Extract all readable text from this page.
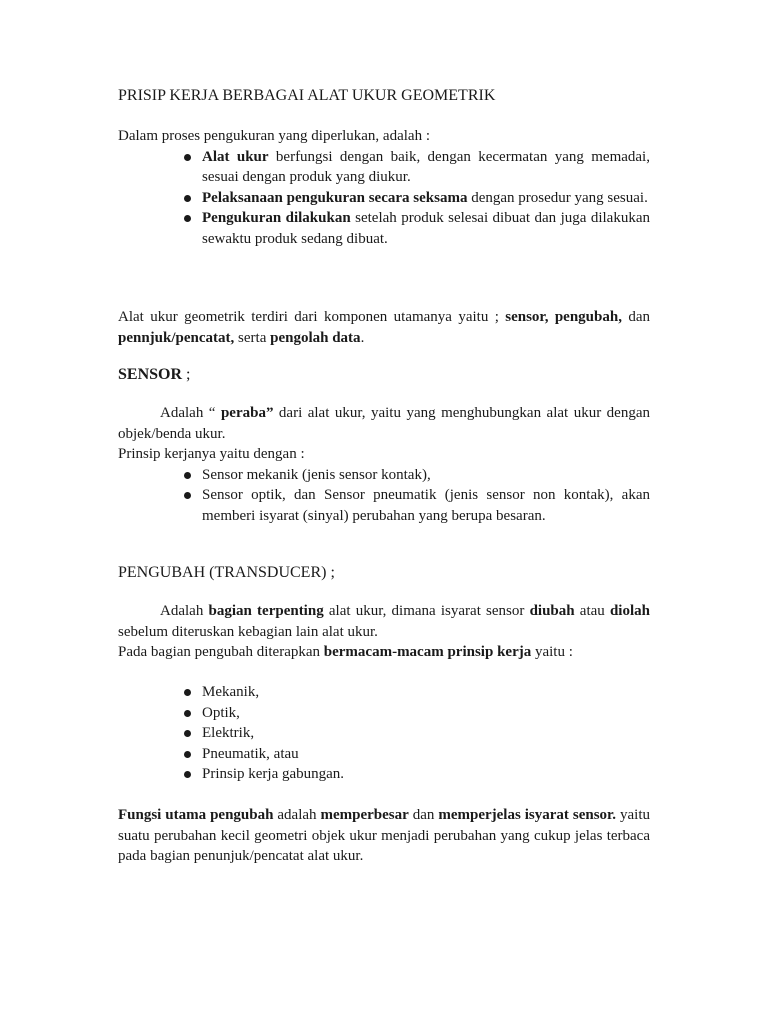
PRISIP KERJA BERBAGAI ALAT UKUR GEOMETRIK

Dalam proses pengukuran yang diperlukan, adalah :

Alat ukur berfungsi dengan baik, dengan kecermatan yang memadai, sesuai dengan produk yang diukur.
Pelaksanaan pengukuran secara seksama dengan prosedur yang sesuai.
Pengukuran dilakukan setelah produk selesai dibuat dan juga dilakukan sewaktu produk sedang dibuat.

Alat ukur geometrik terdiri dari komponen utamanya yaitu ; sensor, pengubah, dan pennjuk/pencatat, serta pengolah data.

SENSOR ;

Adalah “ peraba” dari alat ukur, yaitu yang menghubungkan alat ukur dengan objek/benda ukur.

Prinsip kerjanya yaitu dengan :

Sensor mekanik (jenis sensor kontak),
Sensor optik, dan Sensor pneumatik (jenis sensor non kontak), akan memberi isyarat (sinyal) perubahan yang berupa besaran.

PENGUBAH (TRANSDUCER) ;

Adalah bagian terpenting alat ukur, dimana isyarat sensor diubah atau diolah sebelum diteruskan kebagian lain alat ukur.

Pada bagian pengubah diterapkan bermacam-macam prinsip kerja yaitu :

Mekanik,
Optik,
Elektrik,
Pneumatik, atau
Prinsip kerja gabungan.

Fungsi utama pengubah adalah memperbesar dan memperjelas isyarat sensor. yaitu suatu perubahan kecil geometri objek ukur menjadi perubahan yang cukup jelas terbaca pada bagian penunjuk/pencatat alat ukur.
